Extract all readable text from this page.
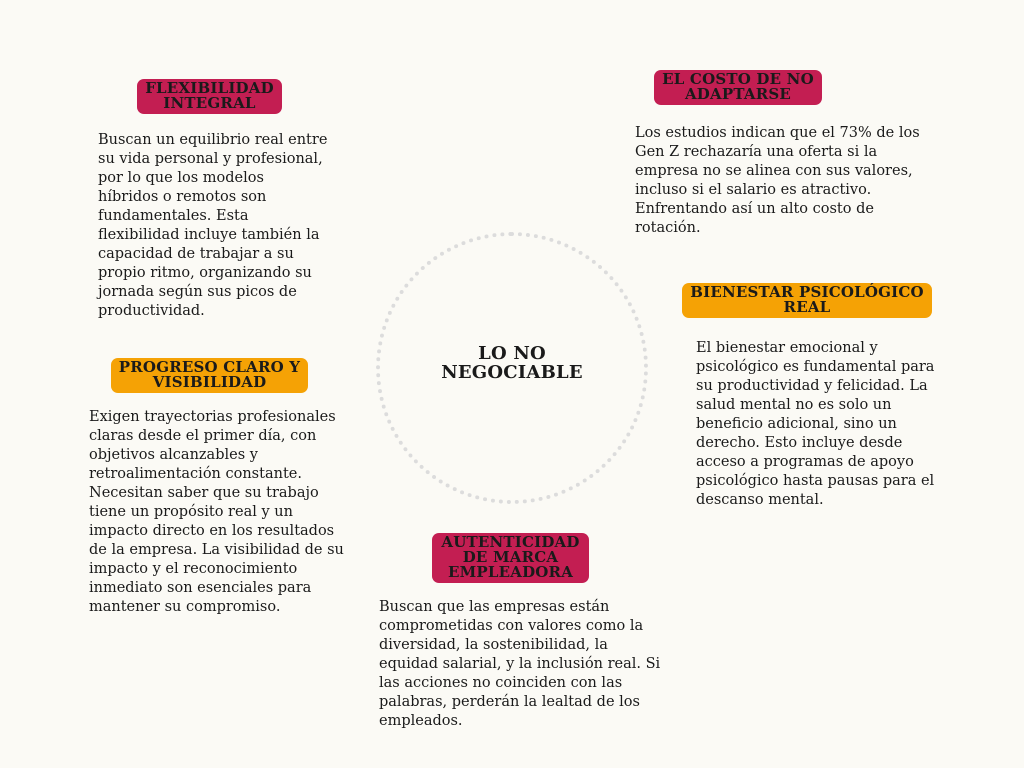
LO NO
NEGOCIABLE
FLEXIBILIDAD
INTEGRAL
Buscan un equilibrio real entre
su vida personal y profesional,
por lo que los modelos
híbridos o remotos son
fundamentales. Esta
flexibilidad incluye también la
capacidad de trabajar a su
propio ritmo, organizando su
jornada según sus picos de
productividad.
EL COSTO DE NO
ADAPTARSE
Los estudios indican que el 73% de los
Gen Z rechazaría una oferta si la
empresa no se alinea con sus valores,
incluso si el salario es atractivo.
Enfrentando así un alto costo de
rotación.
BIENESTAR PSICOLÓGICO
REAL
El bienestar emocional y
psicológico es fundamental para
su productividad y felicidad. La
salud mental no es solo un
beneficio adicional, sino un
derecho. Esto incluye desde
acceso a programas de apoyo
psicológico hasta pausas para el
descanso mental.
PROGRESO CLARO Y
VISIBILIDAD
Exigen trayectorias profesionales
claras desde el primer día, con
objetivos alcanzables y
retroalimentación constante.
Necesitan saber que su trabajo
tiene un propósito real y un
impacto directo en los resultados
de la empresa. La visibilidad de su
impacto y el reconocimiento
inmediato son esenciales para
mantener su compromiso.
AUTENTICIDAD
DE MARCA
EMPLEADORA
Buscan que las empresas están
comprometidas con valores como la
diversidad, la sostenibilidad, la
equidad salarial, y la inclusión real. Si
las acciones no coinciden con las
palabras, perderán la lealtad de los
empleados.
